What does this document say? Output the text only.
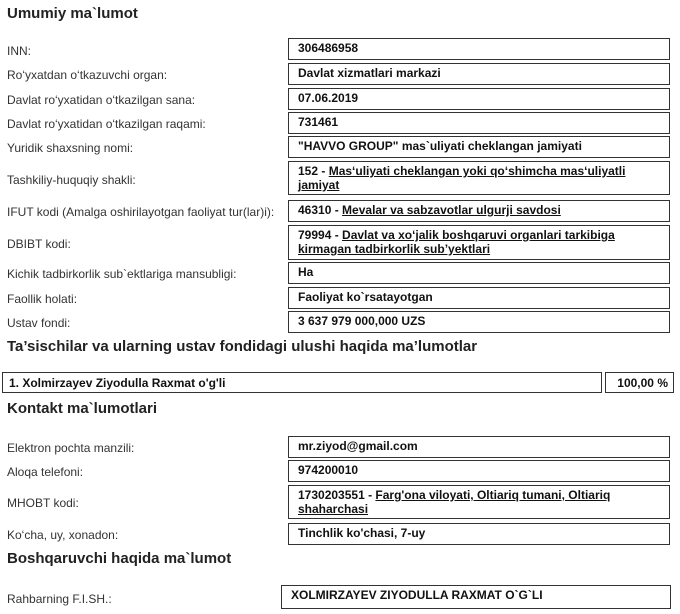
Umumiy ma`lumot
INN:	306486958
Ro‘yxatdan o‘tkazuvchi organ:	Davlat xizmatlari markazi
Davlat ro‘yxatidan o‘tkazilgan sana:	07.06.2019
Davlat ro‘yxatidan o‘tkazilgan raqami:	731461
Yuridik shaxsning nomi:	"HAVVO GROUP" mas`uliyati cheklangan jamiyati
Tashkiliy-huquqiy shakli:
152 - Mas‘uliyati cheklangan yoki qo‘shimcha mas‘uliyatli jamiyat
IFUT kodi (Amalga oshirilayotgan faoliyat tur(lar)i):	46310 - Mevalar va sabzavotlar ulgurji savdosi
DBIBT kodi:
79994 - Davlat va xo‘jalik boshqaruvi organlari tarkibiga kirmagan tadbirkorlik sub’yektlari
Kichik tadbirkorlik sub`ektlariga mansubligi:	Ha
Faollik holati:	Faoliyat ko`rsatayotgan
Ustav fondi:	3 637 979 000,000 UZS
Ta’sischilar va ularning ustav fondidagi ulushi haqida ma’lumotlar
1. Xolmirzayev Ziyodulla Raxmat o'g'li	100,00 %
Kontakt ma`lumotlari
Elektron pochta manzili:	mr.ziyod@gmail.com
Aloqa telefoni:	974200010
MHOBT kodi:
1730203551 - Farg'ona viloyati, Oltiariq tumani, Oltiariq shaharchasi
Ko‘cha, uy, xonadon:	Tinchlik ko'chasi, 7-uy
Boshqaruvchi haqida ma`lumot
Rahbarning F.I.SH.:	XOLMIRZAYEV ZIYODULLA RAXMAT O`G`LI
